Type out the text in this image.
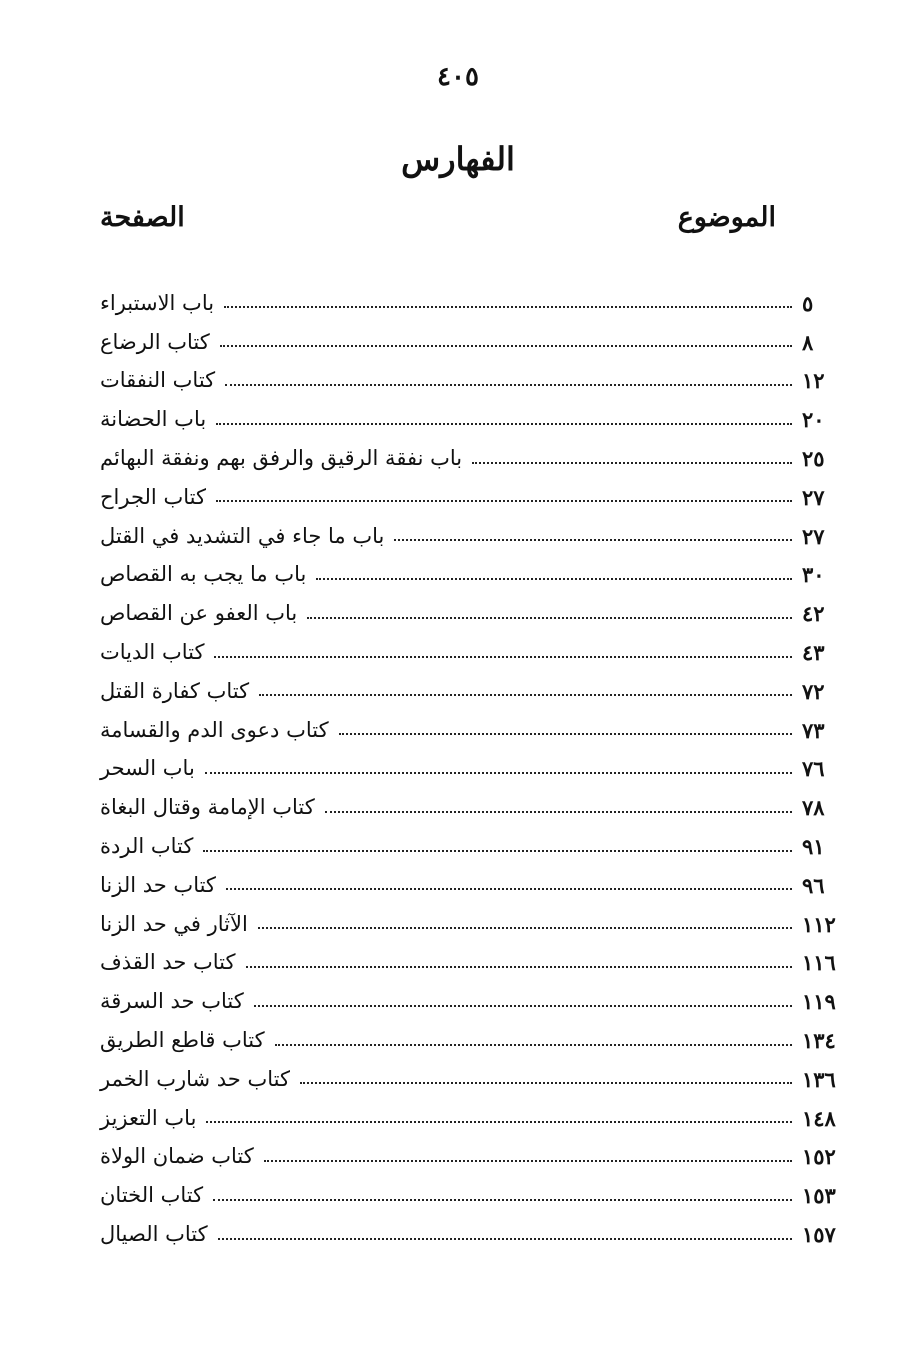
٤٠٥
الفهارس
الموضوع
الصفحة
باب الاستبراء	٥
كتاب الرضاع	٨
كتاب النفقات	١٢
باب الحضانة	٢٠
باب نفقة الرقيق والرفق بهم ونفقة البهائم	٢٥
كتاب الجراح	٢٧
باب ما جاء في التشديد في القتل	٢٧
باب ما يجب به القصاص	٣٠
باب العفو عن القصاص	٤٢
كتاب الديات	٤٣
كتاب كفارة القتل	٧٢
كتاب دعوى الدم والقسامة	٧٣
باب السحر	٧٦
كتاب الإمامة وقتال البغاة	٧٨
كتاب الردة	٩١
كتاب حد الزنا	٩٦
الآثار في حد الزنا	١١٢
كتاب حد القذف	١١٦
كتاب حد السرقة	١١٩
كتاب قاطع الطريق	١٣٤
كتاب حد شارب الخمر	١٣٦
باب التعزيز	١٤٨
كتاب ضمان الولاة	١٥٢
كتاب الختان	١٥٣
كتاب الصيال	١٥٧
